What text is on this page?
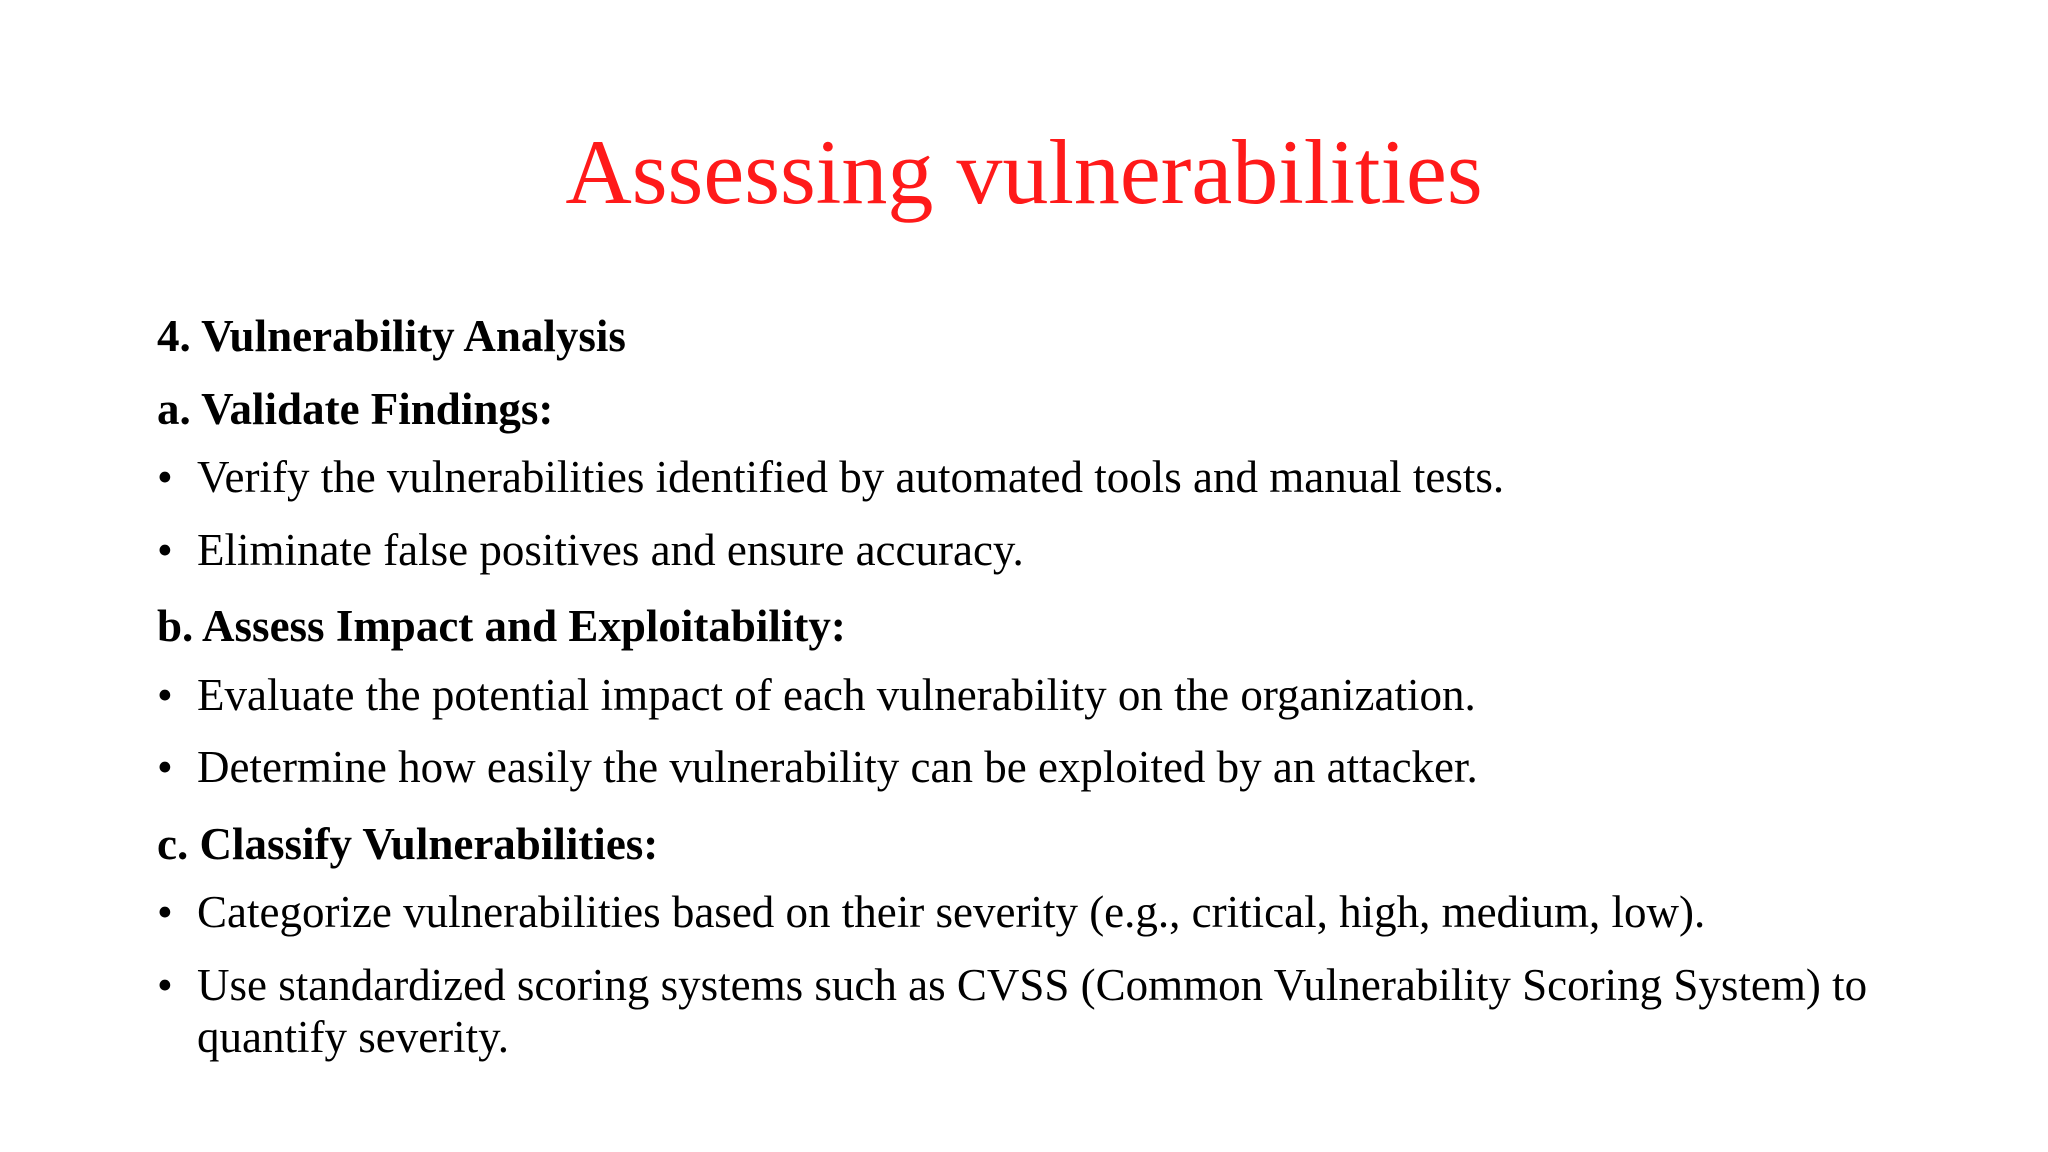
Assessing vulnerabilities
4. Vulnerability Analysis
a. Validate Findings:
• Verify the vulnerabilities identified by automated tools and manual tests.
• Eliminate false positives and ensure accuracy.
b. Assess Impact and Exploitability:
• Evaluate the potential impact of each vulnerability on the organization.
• Determine how easily the vulnerability can be exploited by an attacker.
c. Classify Vulnerabilities:
• Categorize vulnerabilities based on their severity (e.g., critical, high, medium, low).
• Use standardized scoring systems such as CVSS (Common Vulnerability Scoring System) to quantify severity.
